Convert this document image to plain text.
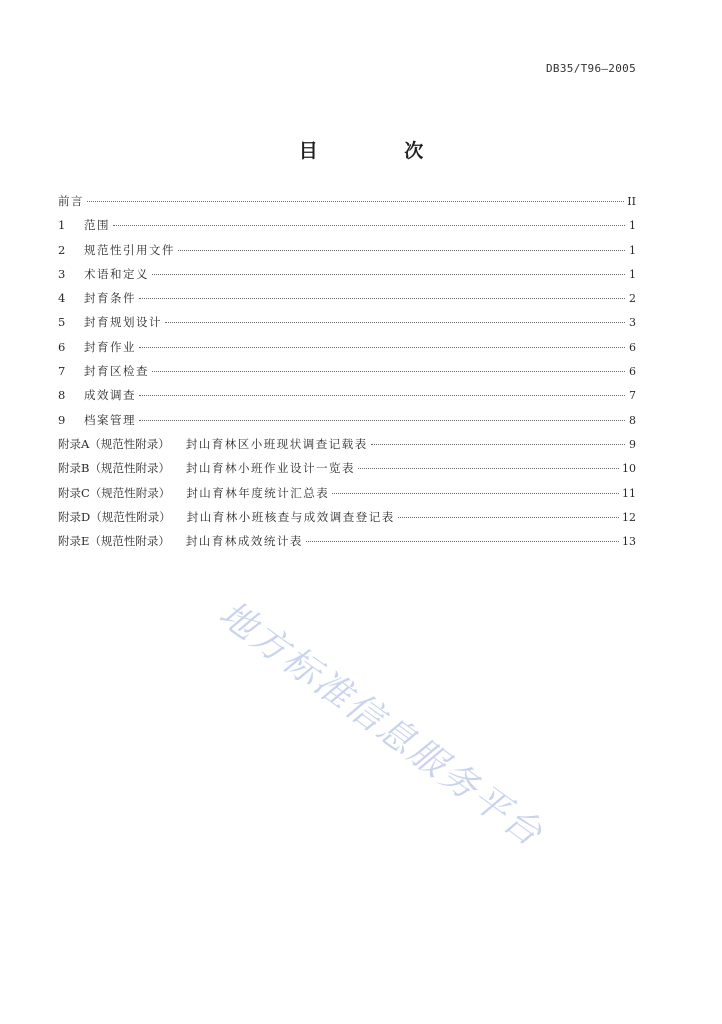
DB35/T96—2005
目 次
前言	II
1	范围	1
2	规范性引用文件	1
3	术语和定义	1
4	封育条件	2
5	封育规划设计	3
6	封育作业	6
7	封育区检查	6
8	成效调查	7
9	档案管理	8
附录A（规范性附录） 封山育林区小班现状调查记载表	9
附录B（规范性附录） 封山育林小班作业设计一览表	10
附录C（规范性附录） 封山育林年度统计汇总表	11
附录D（规范性附录） 封山育林小班核查与成效调查登记表	12
附录E（规范性附录） 封山育林成效统计表	13
地方标准信息服务平台
